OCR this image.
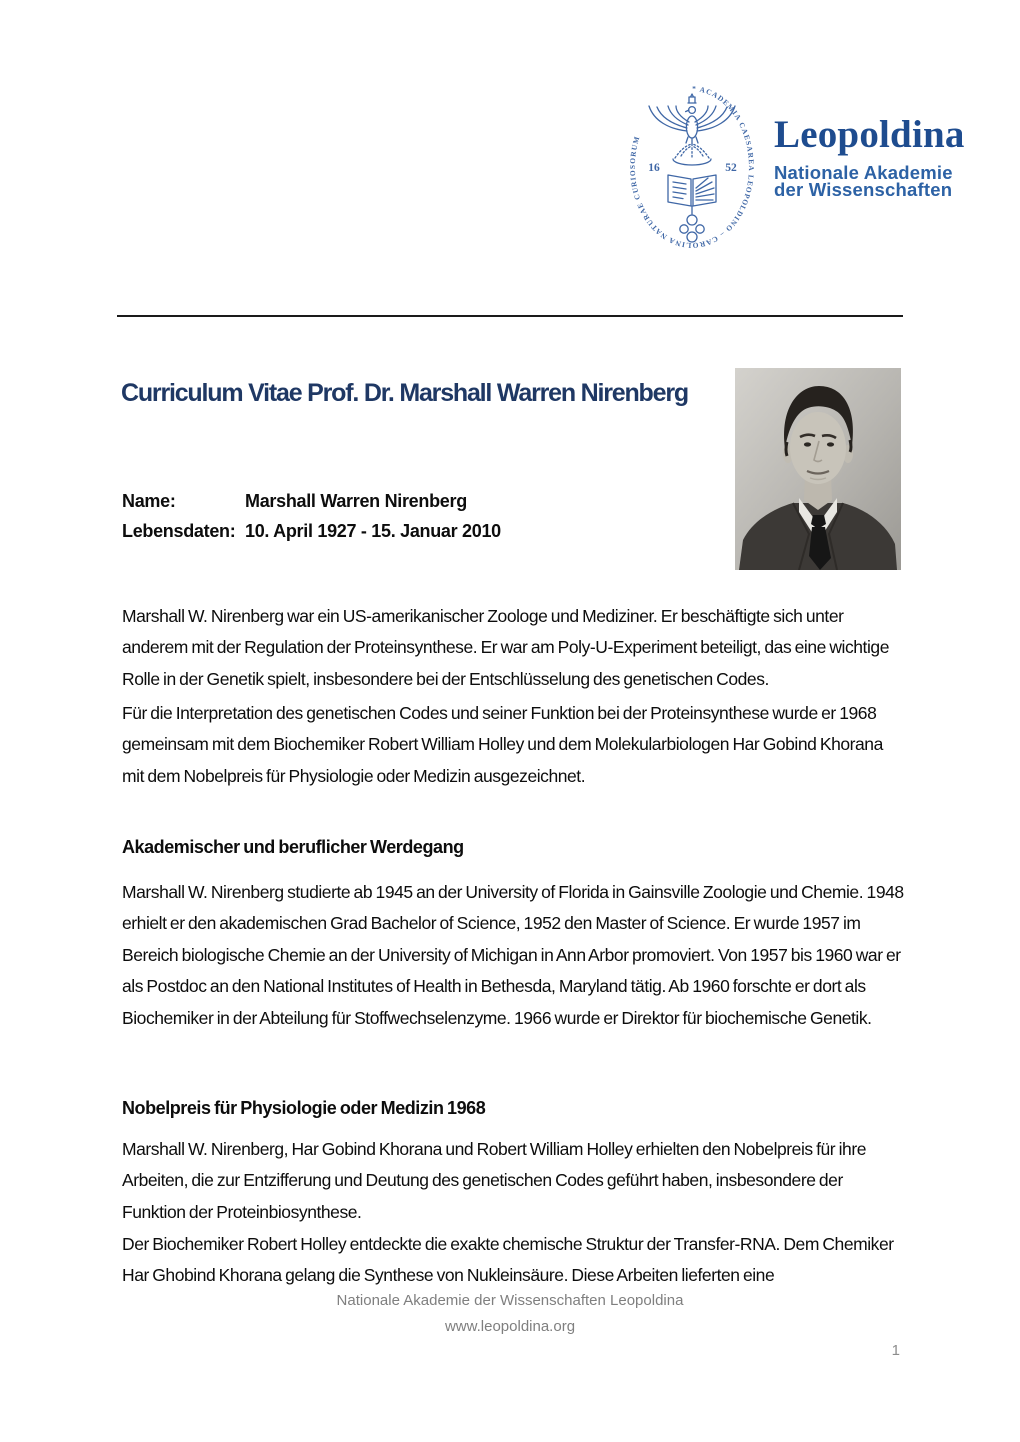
* ACADEMIA CAESAREA LEOPOLDINO – CAROLINA NATURAE CURIOSORUM
16	52
Leopoldina
Nationale Akademie
der Wissenschaften
Curriculum Vitae Prof. Dr. Marshall Warren Nirenberg
Name:	Marshall Warren Nirenberg
Lebensdaten: 10. April 1927 - 15. Januar 2010

Marshall W. Nirenberg war ein US-amerikanischer Zoologe und Mediziner. Er beschäftigte sich unter anderem mit der Regulation der Proteinsynthese. Er war am Poly-U-Experiment beteiligt, das eine wichtige Rolle in der Genetik spielt, insbesondere bei der Entschlüsselung des genetischen Codes.

Für die Interpretation des genetischen Codes und seiner Funktion bei der Proteinsynthese wurde er 1968 gemeinsam mit dem Biochemiker Robert William Holley und dem Molekularbiologen Har Gobind Khorana mit dem Nobelpreis für Physiologie oder Medizin ausgezeichnet.

Akademischer und beruflicher Werdegang

Marshall W. Nirenberg studierte ab 1945 an der University of Florida in Gainsville Zoologie und Chemie. 1948 erhielt er den akademischen Grad Bachelor of Science, 1952 den Master of Science. Er wurde 1957 im Bereich biologische Chemie an der University of Michigan in Ann Arbor promoviert. Von 1957 bis 1960 war er als Postdoc an den National Institutes of Health in Bethesda, Maryland tätig. Ab 1960 forschte er dort als Biochemiker in der Abteilung für Stoffwechselenzyme. 1966 wurde er Direktor für biochemische Genetik.

Nobelpreis für Physiologie oder Medizin 1968

Marshall W. Nirenberg, Har Gobind Khorana und Robert William Holley erhielten den Nobelpreis für ihre Arbeiten, die zur Entzifferung und Deutung des genetischen Codes geführt haben, insbesondere der Funktion der Proteinbiosynthese.

Der Biochemiker Robert Holley entdeckte die exakte chemische Struktur der Transfer-RNA. Dem Chemiker Har Ghobind Khorana gelang die Synthese von Nukleinsäure. Diese Arbeiten lieferten eine

Nationale Akademie der Wissenschaften Leopoldina
www.leopoldina.org
1
